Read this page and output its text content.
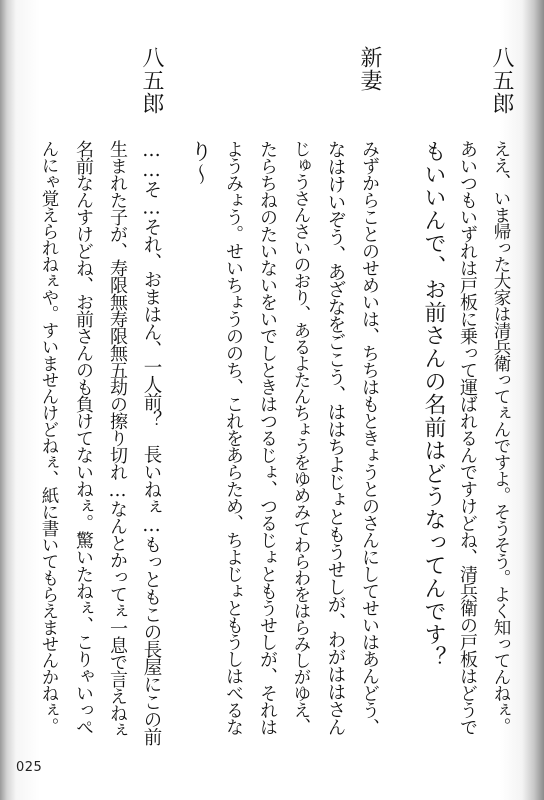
八五郎
ええ、いま帰った大家は清兵衛ってぇんですよ。そうそう。よく知ってんねぇ。
あいつもいずれは戸板に乗って運ばれるんですけどね、清兵衛の戸板はどうで
もいいんで、お前さんの名前はどうなってんです？
新妻
みずからことのせめいは、ちちはもときょうとのさんにしてせいはあんどう、
なはけいぞう、あざなをごこう、ははちよじょともうせしが、わがははさん
じゅうさんさいのおり、あるよたんちょうをゆめみてわらわをはらみしがゆえ、
たらちねのたいないをいでしときはつるじょ、つるじょともうせしが、それは
ようみょう。せいちょうののち、これをあらため、ちよじょともうしはべるな
り〜
八五郎
……そ…それ、おまはん、一人前？　長いねぇ…もっともこの長屋にこの前
生まれた子が、寿限無寿限無五劫の擦り切れ…なんとかってぇ一息で言えねぇ
名前なんすけどね、お前さんのも負けてないねぇ。驚いたねぇ、こりゃいっぺ
んにゃ覚えられねぇや。すいませんけどねぇ、紙に書いてもらえませんかねぇ。
025
